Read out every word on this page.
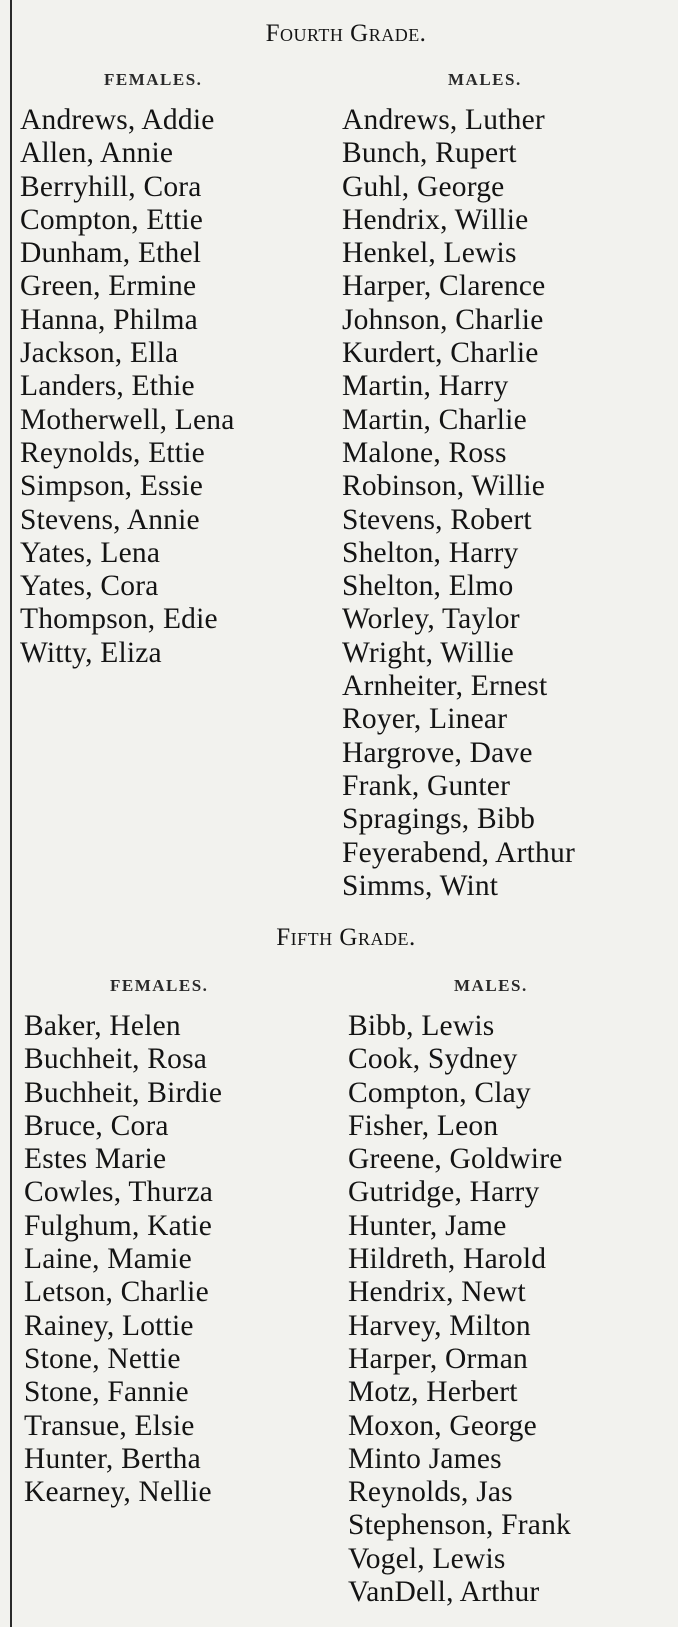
Fourth Grade.
FEMALES.	MALES.
Andrews, Addie
Allen, Annie
Berryhill, Cora
Compton, Ettie
Dunham, Ethel
Green, Ermine
Hanna, Philma
Jackson, Ella
Landers, Ethie
Motherwell, Lena
Reynolds, Ettie
Simpson, Essie
Stevens, Annie
Yates, Lena
Yates, Cora
Thompson, Edie
Witty, Eliza
Andrews, Luther
Bunch, Rupert
Guhl, George
Hendrix, Willie
Henkel, Lewis
Harper, Clarence
Johnson, Charlie
Kurdert, Charlie
Martin, Harry
Martin, Charlie
Malone, Ross
Robinson, Willie
Stevens, Robert
Shelton, Harry
Shelton, Elmo
Worley, Taylor
Wright, Willie
Arnheiter, Ernest
Royer, Linear
Hargrove, Dave
Frank, Gunter
Spragings, Bibb
Feyerabend, Arthur
Simms, Wint
Fifth Grade.
FEMALES.	MALES.
Baker, Helen
Buchheit, Rosa
Buchheit, Birdie
Bruce, Cora
Estes Marie
Cowles, Thurza
Fulghum, Katie
Laine, Mamie
Letson, Charlie
Rainey, Lottie
Stone, Nettie
Stone, Fannie
Transue, Elsie
Hunter, Bertha
Kearney, Nellie
Bibb, Lewis
Cook, Sydney
Compton, Clay
Fisher, Leon
Greene, Goldwire
Gutridge, Harry
Hunter, Jame
Hildreth, Harold
Hendrix, Newt
Harvey, Milton
Harper, Orman
Motz, Herbert
Moxon, George
Minto James
Reynolds, Jas
Stephenson, Frank
Vogel, Lewis
VanDell, Arthur
